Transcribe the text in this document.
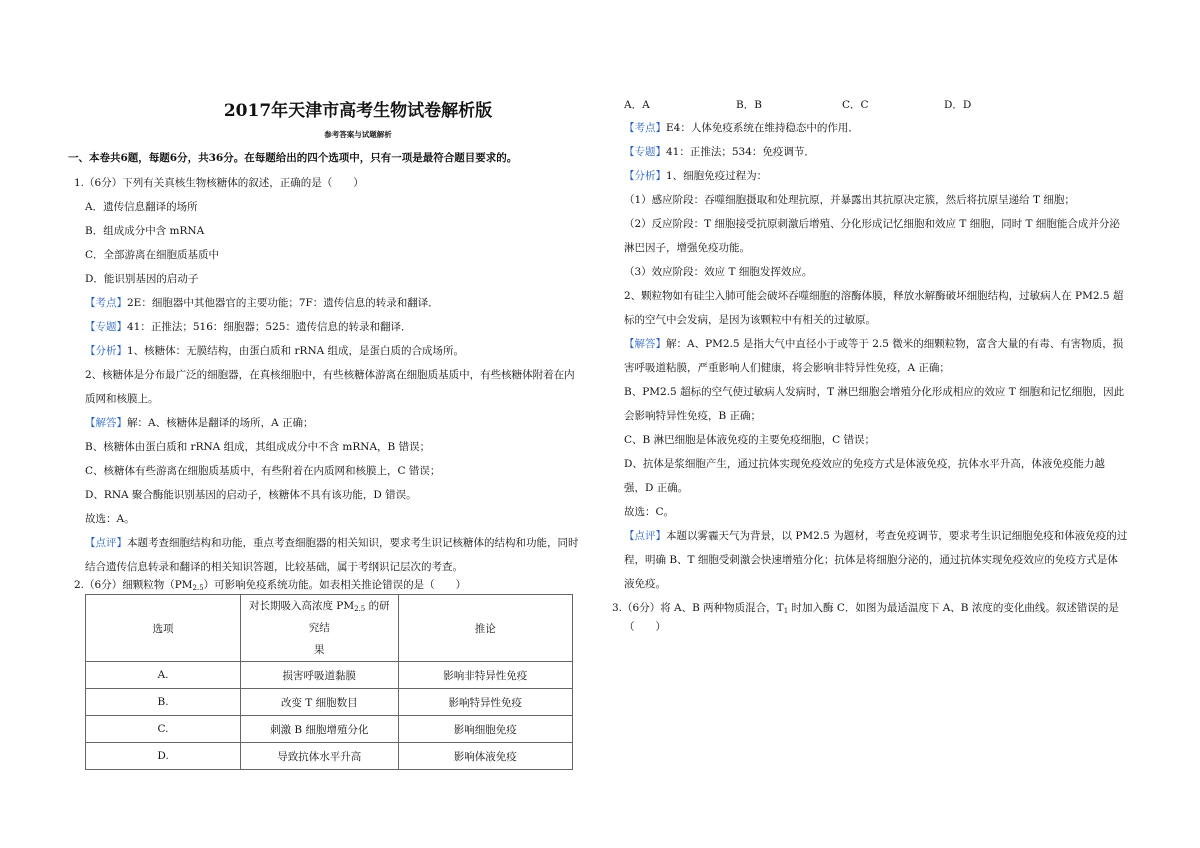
2017年天津市高考生物试卷解析版
参考答案与试题解析
一、本卷共6题，每题6分，共36分。在每题给出的四个选项中，只有一项是最符合题目要求的。
1.（6分）下列有关真核生物核糖体的叙述，正确的是（　　）
A．遗传信息翻译的场所
B．组成成分中含 mRNA
C．全部游离在细胞质基质中
D．能识别基因的启动子
【考点】2E：细胞器中其他器官的主要功能；7F：遗传信息的转录和翻译．
【专题】41：正推法；516：细胞器；525：遗传信息的转录和翻译．
【分析】1、核糖体：无膜结构，由蛋白质和 rRNA 组成，是蛋白质的合成场所。
2、核糖体是分布最广泛的细胞器，在真核细胞中，有些核糖体游离在细胞质基质中，有些核糖体附着在内
质网和核膜上。
【解答】解：A、核糖体是翻译的场所，A 正确；
B、核糖体由蛋白质和 rRNA 组成，其组成成分中不含 mRNA，B 错误；
C、核糖体有些游离在细胞质基质中，有些附着在内质网和核膜上，C 错误；
D、RNA 聚合酶能识别基因的启动子，核糖体不具有该功能，D 错误。
故选：A。
【点评】本题考查细胞结构和功能，重点考查细胞器的相关知识，要求考生识记核糖体的结构和功能，同时
结合遗传信息转录和翻译的相关知识答题，比较基础，属于考纲识记层次的考查。
2.（6分）细颗粒物$(PM_{2.5})$可影响免疫系统功能。如表相关推论错误的是（　　）
选项	对长期吸入高浓度 $PM_{2.5}$ 的研究结
果	推论
A.	损害呼吸道黏膜	影响非特异性免疫
B.	改变 T 细胞数目	影响特异性免疫
C.	刺激 B 细胞增殖分化	影响细胞免疫
D.	导致抗体水平升高	影响体液免疫
A．A	B．B	C．C	D．D
【考点】E4：人体免疫系统在维持稳态中的作用．
【专题】41：正推法；534：免疫调节．
【分析】1、细胞免疫过程为：
（1）感应阶段：吞噬细胞摄取和处理抗原，并暴露出其抗原决定簇，然后将抗原呈递给 T 细胞；
（2）反应阶段：T 细胞接受抗原刺激后增殖、分化形成记忆细胞和效应 T 细胞，同时 T 细胞能合成并分泌
淋巴因子，增强免疫功能。
（3）效应阶段：效应 T 细胞发挥效应。
2、颗粒物如有硅尘入肺可能会破坏吞噬细胞的溶酶体膜，释放水解酶破坏细胞结构，过敏病人在 PM2.5 超
标的空气中会发病，是因为该颗粒中有相关的过敏原。
【解答】解：A、PM2.5 是指大气中直径小于或等于 2.5 微米的细颗粒物，富含大量的有毒、有害物质，损
害呼吸道粘膜，严重影响人们健康，将会影响非特异性免疫，A 正确；
B、PM2.5 超标的空气使过敏病人发病时，T 淋巴细胞会增殖分化形成相应的效应 T 细胞和记忆细胞，因此
会影响特异性免疫，B 正确；
C、B 淋巴细胞是体液免疫的主要免疫细胞，C 错误；
D、抗体是浆细胞产生，通过抗体实现免疫效应的免疫方式是体液免疫，抗体水平升高，体液免疫能力越
强，D 正确。
故选：C。
【点评】本题以雾霾天气为背景，以 PM2.5 为题材，考查免疫调节，要求考生识记细胞免疫和体液免疫的过
程，明确 B、T 细胞受刺激会快速增殖分化；抗体是将细胞分泌的，通过抗体实现免疫效应的免疫方式是体
液免疫。
3.（6分）将 A、B 两种物质混合，$T_1$ 时加入酶 C．如图为最适温度下 A、B 浓度的变化曲线。叙述错误的是
（　　）
